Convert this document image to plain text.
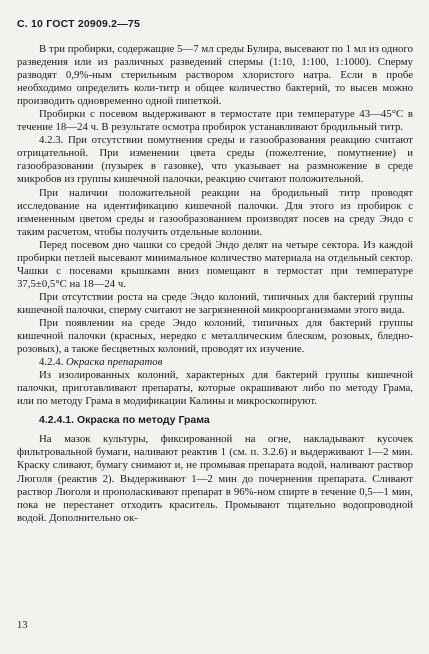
С. 10 ГОСТ 20909.2—75

В три пробирки, содержащие 5—7 мл среды Булира, высевают по 1 мл из одного разведения или из различных разведений спермы (1:10, 1:100, 1:1000). Сперму разводят 0,9%-ным стерильным раствором хлористого натра. Если в пробе необходимо определить коли-титр и общее количество бактерий, то высев можно производить одновременно одной пипеткой.

Пробирки с посевом выдерживают в термостате при температуре 43—45°С в течение 18—24 ч. В результате осмотра пробирок устанавливают бродильный титр.

4.2.3. При отсутствии помутнения среды и газообразования реакцию считают отрицательной. При изменении цвета среды (пожелтение, помутнение) и газообразовании (пузырек в газовке), что указывает на размножение в среде микробов из группы кишечной палочки, реакцию считают положительной.

При наличии положительной реакции на бродильный титр проводят исследование на идентификацию кишечной палочки. Для этого из пробирок с измененным цветом среды и газообразованием производят посев на среду Эндо с таким расчетом, чтобы получить отдельные колонии.

Перед посевом дно чашки со средой Эндо делят на четыре сектора. Из каждой пробирки петлей высевают минимальное количество материала на отдельный сектор. Чашки с посевами крышками вниз помещают в термостат при температуре 37,5±0,5°С на 18—24 ч.

При отсутствии роста на среде Эндо колоний, типичных для бактерий группы кишечной палочки, сперму считают не загрязненной микроорганизмами этого вида.

При появлении на среде Эндо колоний, типичных для бактерий группы кишечной палочки (красных, нередко с металлическим блеском, розовых, бледно-розовых), а также бесцветных колоний, проводят их изучение.

4.2.4. Окраска препаратов

Из изолированных колоний, характерных для бактерий группы кишечной палочки, приготавливают препараты, которые окрашивают либо по методу Грама, или по методу Грама в модификации Калины и микроскопируют.

4.2.4.1. Окраска по методу Грама

На мазок культуры, фиксированной на огне, накладывают кусочек фильтровальной бумаги, наливают реактив 1 (см. п. 3.2.6) и выдерживают 1—2 мин. Краску сливают, бумагу снимают и, не промывая препарата водой, наливают раствор Люголя (реактив 2). Выдерживают 1—2 мин до почернения препарата. Сливают раствор Люголя и прополаскивают препарат в 96%-ном спирте в течение 0,5—1 мин, пока не перестанет отходить краситель. Промывают тщательно водопроводной водой. Дополнительно ок-

13
